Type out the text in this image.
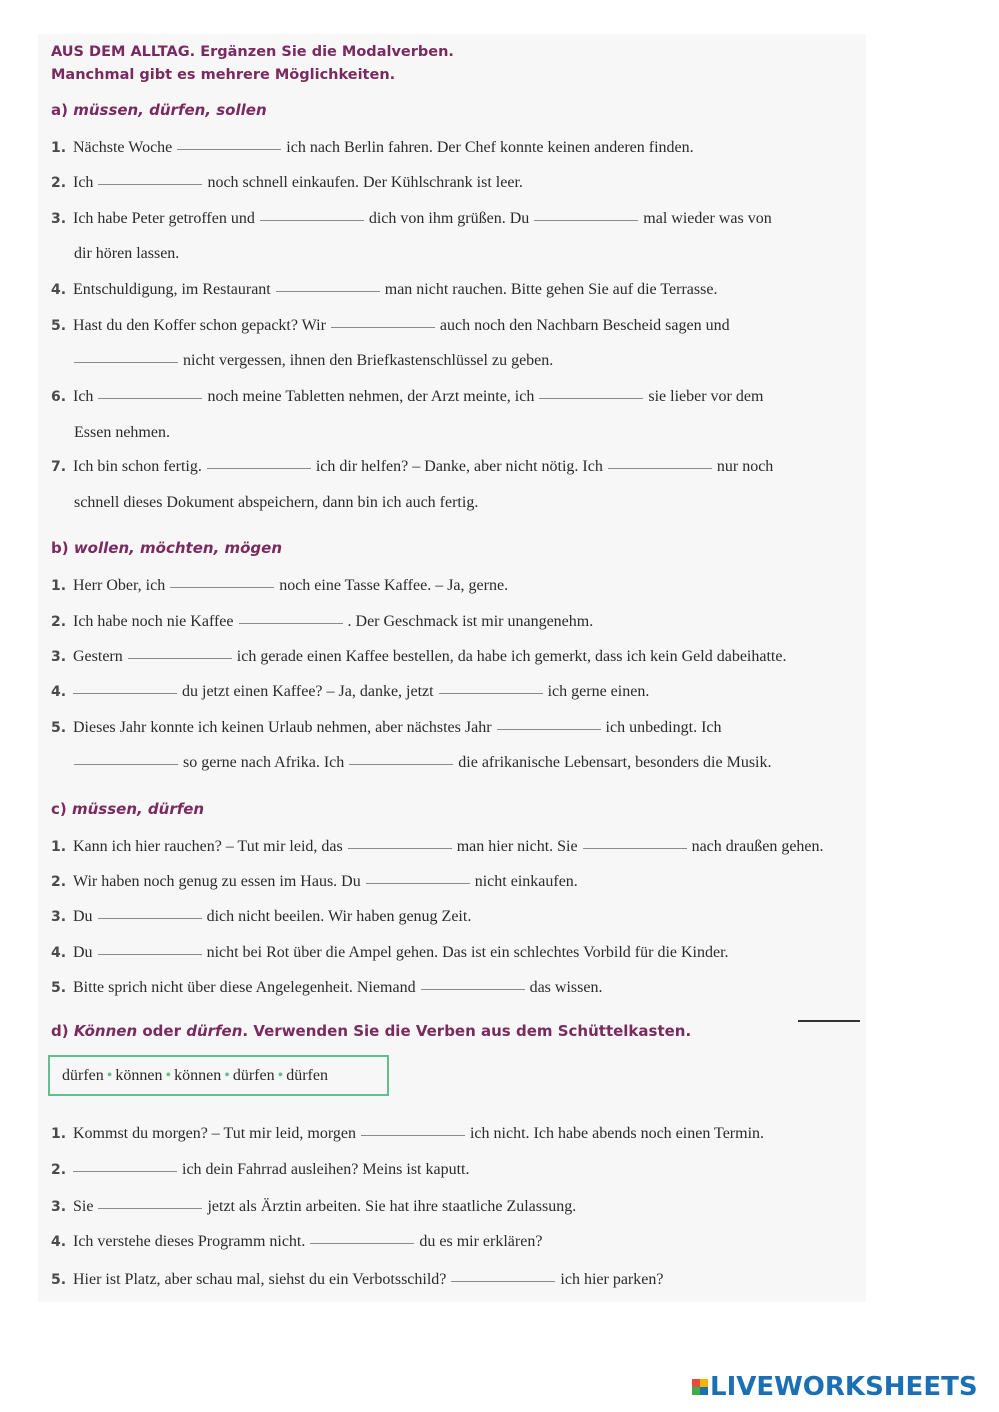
AUS DEM ALLTAG. Ergänzen Sie die Modalverben.
Manchmal gibt es mehrere Möglichkeiten.
dürfen • können • können • dürfen • dürfen
a) müssen, dürfen, sollen
1. Nächste Woche	ich nach Berlin fahren. Der Chef konnte keinen anderen finden.
2. Ich	noch schnell einkaufen. Der Kühlschrank ist leer.
3. Ich habe Peter getroffen und	dich von ihm grüßen. Du	mal wieder was von
dir hören lassen.
4. Entschuldigung, im Restaurant	man nicht rauchen. Bitte gehen Sie auf die Terrasse.
5. Hast du den Koffer schon gepackt? Wir	auch noch den Nachbarn Bescheid sagen und
nicht vergessen, ihnen den Briefkastenschlüssel zu geben.
6. Ich	noch meine Tabletten nehmen, der Arzt meinte, ich	sie lieber vor dem
Essen nehmen.
7. Ich bin schon fertig.	ich dir helfen? – Danke, aber nicht nötig. Ich	nur noch
schnell dieses Dokument abspeichern, dann bin ich auch fertig.
b) wollen, möchten, mögen
1. Herr Ober, ich	noch eine Tasse Kaffee. – Ja, gerne.
2. Ich habe noch nie Kaffee	. Der Geschmack ist mir unangenehm.
3. Gestern	ich gerade einen Kaffee bestellen, da habe ich gemerkt, dass ich kein Geld dabeihatte.
4.	du jetzt einen Kaffee? – Ja, danke, jetzt	ich gerne einen.
5. Dieses Jahr konnte ich keinen Urlaub nehmen, aber nächstes Jahr	ich unbedingt. Ich
so gerne nach Afrika. Ich	die afrikanische Lebensart, besonders die Musik.
c) müssen, dürfen
1. Kann ich hier rauchen? – Tut mir leid, das	man hier nicht. Sie	nach draußen gehen.
2. Wir haben noch genug zu essen im Haus. Du	nicht einkaufen.
3. Du	dich nicht beeilen. Wir haben genug Zeit.
4. Du	nicht bei Rot über die Ampel gehen. Das ist ein schlechtes Vorbild für die Kinder.
5. Bitte sprich nicht über diese Angelegenheit. Niemand	das wissen.
d) Können oder dürfen. Verwenden Sie die Verben aus dem Schüttelkasten.
1. Kommst du morgen? – Tut mir leid, morgen	ich nicht. Ich habe abends noch einen Termin.
2.	ich dein Fahrrad ausleihen? Meins ist kaputt.
3. Sie	jetzt als Ärztin arbeiten. Sie hat ihre staatliche Zulassung.
4. Ich verstehe dieses Programm nicht.	du es mir erklären?
5. Hier ist Platz, aber schau mal, siehst du ein Verbotsschild?	ich hier parken?
LIVEWORKSHEETS
